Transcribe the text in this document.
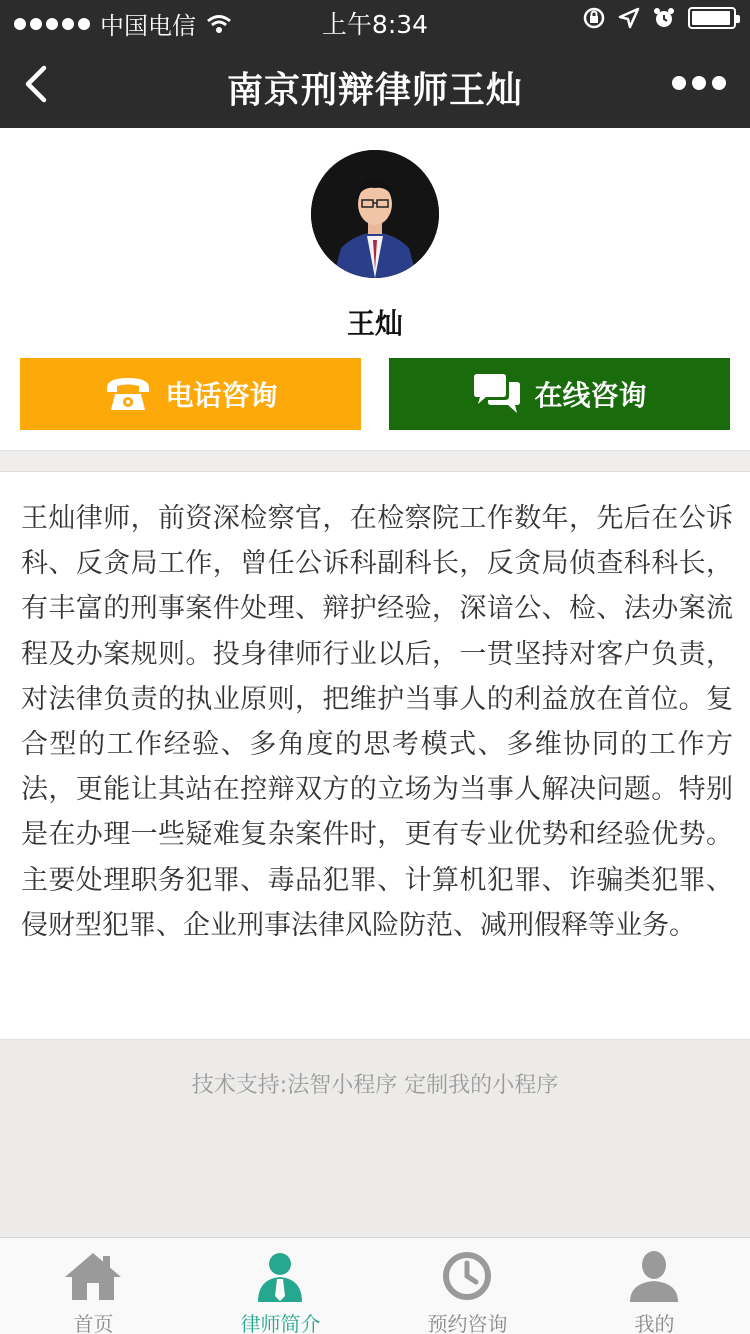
中国电信	上午8:34
南京刑辩律师王灿
王灿
电话咨询	在线咨询

王灿律师，前资深检察官，在检察院工作数年，先后在公诉科、反贪局工作，曾任公诉科副科长，反贪局侦查科科长，有丰富的刑事案件处理、辩护经验，深谙公、检、法办案流程及办案规则。投身律师行业以后，一贯坚持对客户负责，对法律负责的执业原则，把维护当事人的利益放在首位。复合型的工作经验、多角度的思考模式、多维协同的工作方法，更能让其站在控辩双方的立场为当事人解决问题。特别是在办理一些疑难复杂案件时，更有专业优势和经验优势。主要处理职务犯罪、毒品犯罪、计算机犯罪、诈骗类犯罪、侵财型犯罪、企业刑事法律风险防范、减刑假释等业务。

技术支持:法智小程序 定制我的小程序
首页	律师简介	预约咨询	我的
